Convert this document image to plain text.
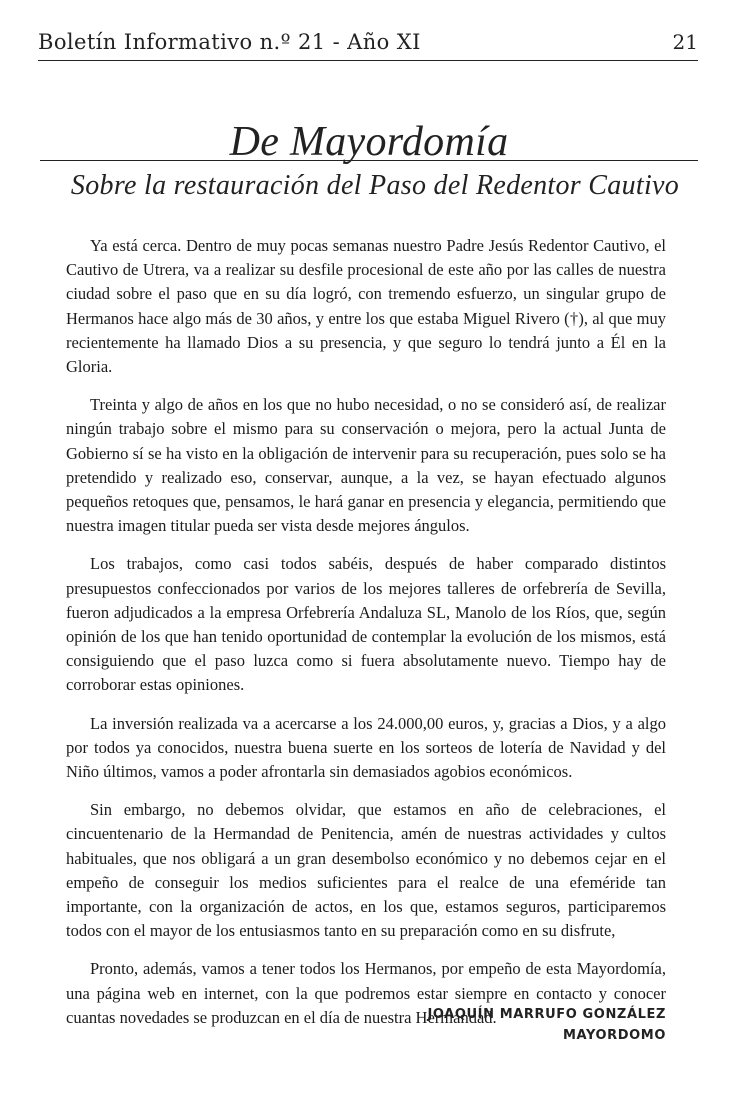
Boletín Informativo n.º 21 - Año XI	21
De Mayordomía
Sobre la restauración del Paso del Redentor Cautivo

Ya está cerca. Dentro de muy pocas semanas nuestro Padre Jesús Redentor Cautivo, el Cautivo de Utrera, va a realizar su desfile procesional de este año por las calles de nuestra ciudad sobre el paso que en su día logró, con tremendo esfuerzo, un singular grupo de Hermanos hace algo más de 30 años, y entre los que estaba Miguel Rivero (†), al que muy recientemente ha llamado Dios a su presencia, y que seguro lo tendrá junto a Él en la Gloria.

Treinta y algo de años en los que no hubo necesidad, o no se consideró así, de realizar ningún trabajo sobre el mismo para su conservación o mejora, pero la actual Junta de Gobierno sí se ha visto en la obligación de intervenir para su recuperación, pues solo se ha pretendido y realizado eso, conservar, aunque, a la vez, se hayan efectuado algunos pequeños retoques que, pensamos, le hará ganar en presencia y elegancia, permitiendo que nuestra imagen titular pueda ser vista desde mejores ángulos.

Los trabajos, como casi todos sabéis, después de haber comparado distintos presupuestos confeccionados por varios de los mejores talleres de orfebrería de Sevilla, fueron adjudicados a la empresa Orfebrería Andaluza SL, Manolo de los Ríos, que, según opinión de los que han tenido oportunidad de contemplar la evolución de los mismos, está consiguiendo que el paso luzca como si fuera absolutamente nuevo. Tiempo hay de corroborar estas opiniones.

La inversión realizada va a acercarse a los 24.000,00 euros, y, gracias a Dios, y a algo por todos ya conocidos, nuestra buena suerte en los sorteos de lotería de Navidad y del Niño últimos, vamos a poder afrontarla sin demasiados agobios económicos.

Sin embargo, no debemos olvidar, que estamos en año de celebraciones, el cincuentenario de la Hermandad de Penitencia, amén de nuestras actividades y cultos habituales, que nos obligará a un gran desembolso económico y no debemos cejar en el empeño de conseguir los medios suficientes para el realce de una efeméride tan importante, con la organización de actos, en los que, estamos seguros, participaremos todos con el mayor de los entusiasmos tanto en su preparación como en su disfrute,

Pronto, además, vamos a tener todos los Hermanos, por empeño de esta Mayordomía, una página web en internet, con la que podremos estar siempre en contacto y conocer cuantas novedades se produzcan en el día de nuestra Hermandad.

JOAQUÍN MARRUFO GONZÁLEZ
MAYORDOMO
